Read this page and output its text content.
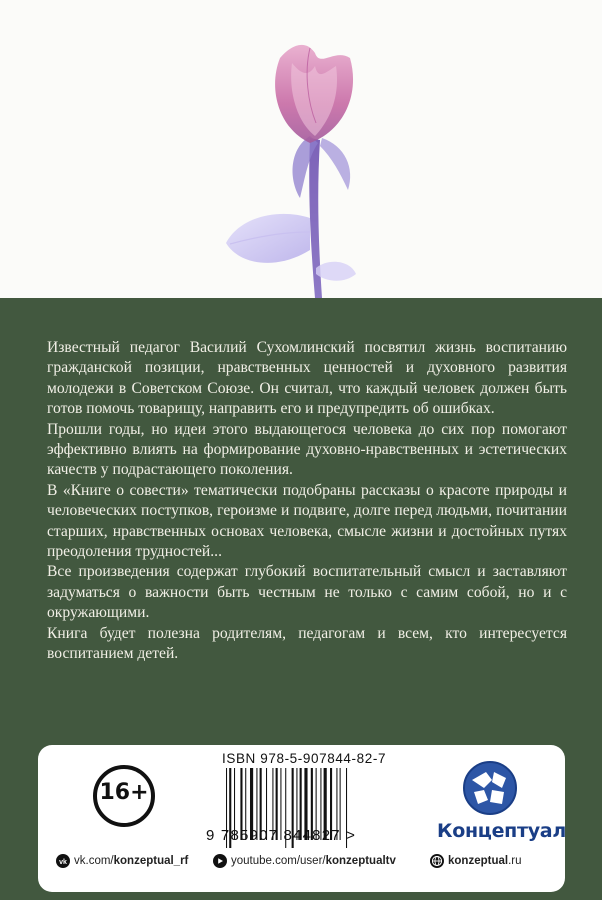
Известный педагог Василий Сухомлинский посвятил жизнь воспитанию гражданской позиции, нравственных ценностей и духовного развития молодежи в Советском Союзе. Он считал, что каждый человек должен быть готов помочь товарищу, направить его и предупредить об ошибках.

Прошли годы, но идеи этого выдающегося человека до сих пор помогают эффективно влиять на формирование духовно-нравственных и эстетических качеств у подрастающего поколения.

В «Книге о совести» тематически подобраны рассказы о красоте природы и человеческих поступков, героизме и подвиге, долге перед людьми, почитании старших, нравственных основах человека, смысле жизни и достойных путях преодоления трудностей...

Все произведения содержат глубокий воспитательный смысл и заставляют задуматься о важности быть честным не только с самим собой, но и с окружающими.

Книга будет полезна родителям, педагогам и всем, кто интересуется воспитанием детей.

16+
ISBN 978-5-907844-82-7
9 785907 844827 >	Концептуал
vk vk.com/ konzeptual_rf	youtube.com/user/ konzeptualtv	konzeptual .ru
